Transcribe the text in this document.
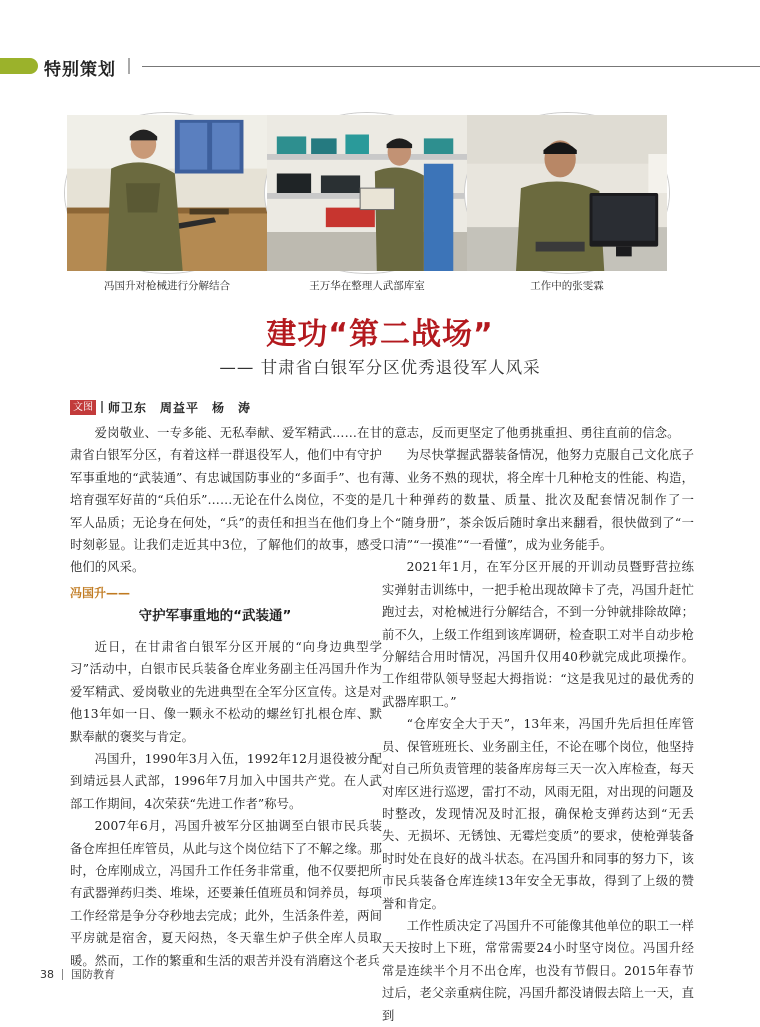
特别策划
冯国升对枪械进行分解结合	王万华在整理人武部库室	工作中的张雯霖
建功“第二战场”
—— 甘肃省白银军分区优秀退役军人风采
文图 师卫东　周益平　杨　涛

爱岗敬业、一专多能、无私奉献、爱军精武……在甘肃省白银军分区，有着这样一群退役军人，他们中有守护军事重地的“武装通”、有忠诚国防事业的“多面手”、也有培育强军好苗的“兵伯乐”……无论在什么岗位，不变的是军人品质；无论身在何处，“兵”的责任和担当在他们身上时刻彰显。让我们走近其中3位，了解他们的故事，感受他们的风采。

冯国升——
守护军事重地的“武装通”

近日，在甘肃省白银军分区开展的“向身边典型学习”活动中，白银市民兵装备仓库业务副主任冯国升作为爱军精武、爱岗敬业的先进典型在全军分区宣传。这是对他13年如一日、像一颗永不松动的螺丝钉扎根仓库、默默奉献的褒奖与肯定。

冯国升，1990年3月入伍，1992年12月退役被分配到靖远县人武部，1996年7月加入中国共产党。在人武部工作期间，4次荣获“先进工作者”称号。

2007年6月，冯国升被军分区抽调至白银市民兵装备仓库担任库管员，从此与这个岗位结下了不解之缘。那时，仓库刚成立，冯国升工作任务非常重，他不仅要把所有武器弹药归类、堆垛，还要兼任值班员和饲养员，每项工作经常是争分夺秒地去完成；此外，生活条件差，两间平房就是宿舍，夏天闷热，冬天靠生炉子供全库人员取暖。然而，工作的繁重和生活的艰苦并没有消磨这个老兵

的意志，反而更坚定了他勇挑重担、勇往直前的信念。

为尽快掌握武器装备情况，他努力克服自己文化底子薄、业务不熟的现状，将全库十几种枪支的性能、构造，几十种弹药的数量、质量、批次及配套情况制作了一个“随身册”，茶余饭后随时拿出来翻看，很快做到了“一口清”“一摸准”“一看懂”，成为业务能手。

2021年1月，在军分区开展的开训动员暨野营拉练实弹射击训练中，一把手枪出现故障卡了壳，冯国升赶忙跑过去，对枪械进行分解结合，不到一分钟就排除故障；前不久，上级工作组到该库调研，检查职工对半自动步枪分解结合用时情况，冯国升仅用40秒就完成此项操作。工作组带队领导竖起大拇指说：“这是我见过的最优秀的武器库职工。”

“仓库安全大于天”，13年来，冯国升先后担任库管员、保管班班长、业务副主任，不论在哪个岗位，他坚持对自己所负责管理的装备库房每三天一次入库检查，每天对库区进行巡逻，雷打不动，风雨无阻，对出现的问题及时整改，发现情况及时汇报，确保枪支弹药达到“无丢失、无损坏、无锈蚀、无霉烂变质”的要求，使枪弹装备时时处在良好的战斗状态。在冯国升和同事的努力下，该市民兵装备仓库连续13年安全无事故，得到了上级的赞誉和肯定。

工作性质决定了冯国升不可能像其他单位的职工一样天天按时上下班，常常需要24小时坚守岗位。冯国升经常是连续半个月不出仓库，也没有节假日。2015年春节过后，老父亲重病住院，冯国升都没请假去陪上一天，直到

38 国防教育
